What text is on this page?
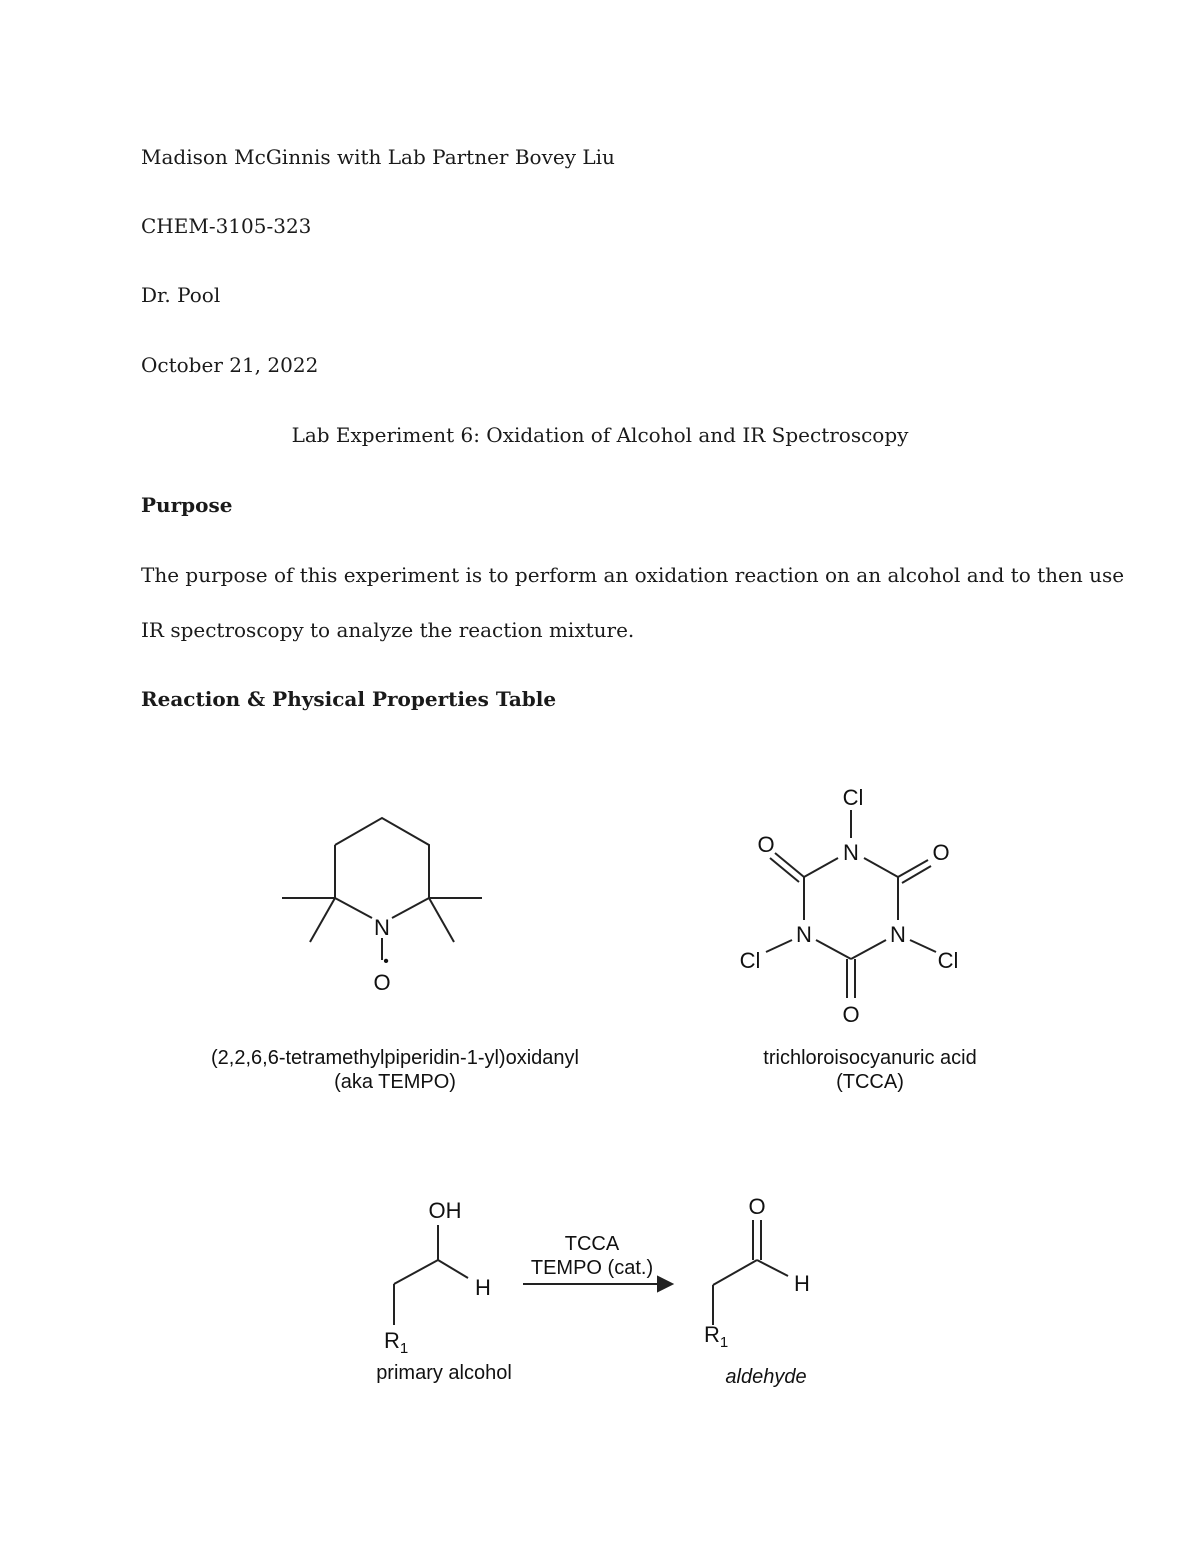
Madison McGinnis with Lab Partner Bovey Liu
CHEM-3105-323
Dr. Pool
October 21, 2022
Lab Experiment 6: Oxidation of Alcohol and IR Spectroscopy
Purpose
The purpose of this experiment is to perform an oxidation reaction on an alcohol and to then use
IR spectroscopy to analyze the reaction mixture.
Reaction & Physical Properties Table
N
•
O
(2,2,6,6-tetramethylpiperidin-1-yl)oxidanyl
(aka TEMPO)
Cl
N
O	O
N	N
Cl	Cl
O
trichloroisocyanuric acid
(TCCA)
OH
H
$R_1$
primary alcohol
TCCA
TEMPO (cat.)
O
H
$R_1$
aldehyde
